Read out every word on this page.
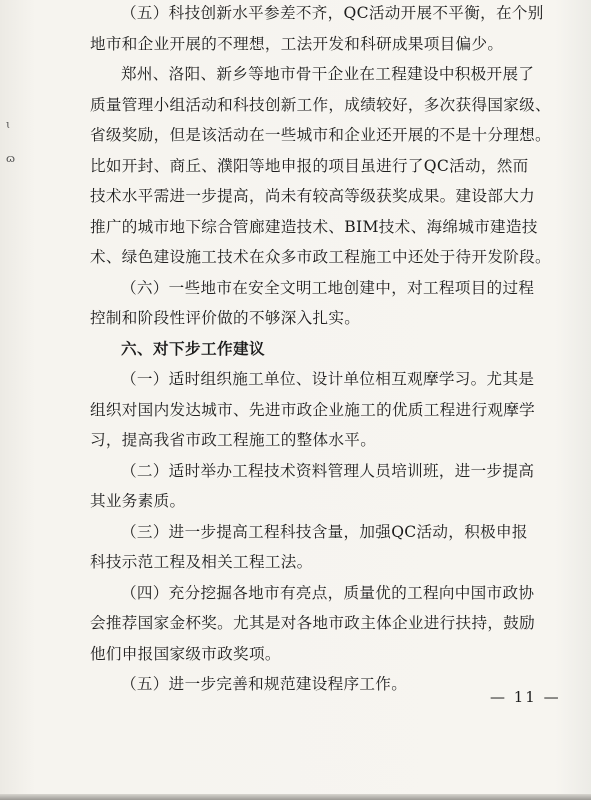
ɩ
ɷ

（五）科技创新水平参差不齐，QC活动开展不平衡，在个别
地市和企业开展的不理想，工法开发和科研成果项目偏少。

郑州、洛阳、新乡等地市骨干企业在工程建设中积极开展了
质量管理小组活动和科技创新工作，成绩较好，多次获得国家级、
省级奖励，但是该活动在一些城市和企业还开展的不是十分理想。
比如开封、商丘、濮阳等地申报的项目虽进行了QC活动，然而
技术水平需进一步提高，尚未有较高等级获奖成果。建设部大力
推广的城市地下综合管廊建造技术、BIM技术、海绵城市建造技
术、绿色建设施工技术在众多市政工程施工中还处于待开发阶段。

（六）一些地市在安全文明工地创建中，对工程项目的过程
控制和阶段性评价做的不够深入扎实。

六、对下步工作建议

（一）适时组织施工单位、设计单位相互观摩学习。尤其是
组织对国内发达城市、先进市政企业施工的优质工程进行观摩学
习，提高我省市政工程施工的整体水平。

（二）适时举办工程技术资料管理人员培训班，进一步提高
其业务素质。

（三）进一步提高工程科技含量，加强QC活动，积极申报
科技示范工程及相关工程工法。

（四）充分挖掘各地市有亮点，质量优的工程向中国市政协
会推荐国家金杯奖。尤其是对各地市政主体企业进行扶持，鼓励
他们申报国家级市政奖项。

（五）进一步完善和规范建设程序工作。

— 11 —
